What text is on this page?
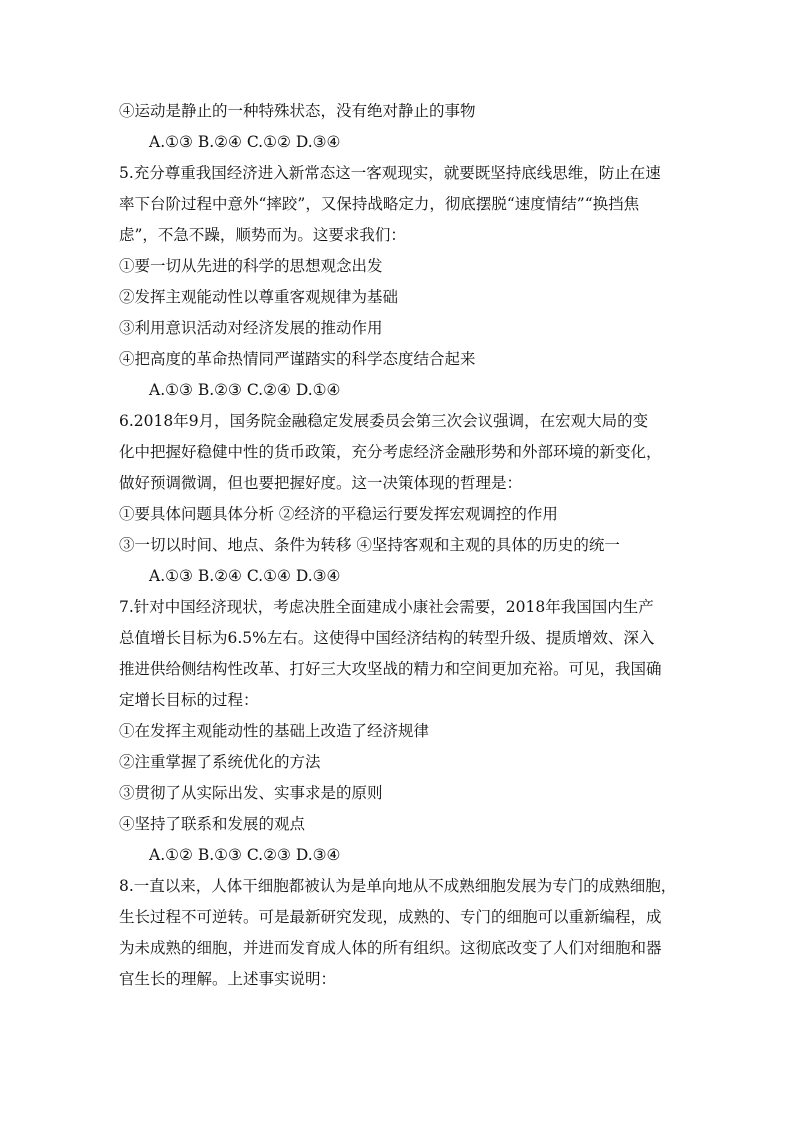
④运动是静止的一种特殊状态，没有绝对静止的事物
A.①③ B.②④ C.①② D.③④
5.充分尊重我国经济进入新常态这一客观现实，就要既坚持底线思维，防止在速
率下台阶过程中意外“摔跤”，又保持战略定力，彻底摆脱“速度情结”“换挡焦
虑”，不急不躁，顺势而为。这要求我们：
①要一切从先进的科学的思想观念出发
②发挥主观能动性以尊重客观规律为基础
③利用意识活动对经济发展的推动作用
④把高度的革命热情同严谨踏实的科学态度结合起来
A.①③ B.②③ C.②④ D.①④
6.2018年9月，国务院金融稳定发展委员会第三次会议强调，在宏观大局的变
化中把握好稳健中性的货币政策，充分考虑经济金融形势和外部环境的新变化，
做好预调微调，但也要把握好度。这一决策体现的哲理是：
①要具体问题具体分析 ②经济的平稳运行要发挥宏观调控的作用
③一切以时间、地点、条件为转移 ④坚持客观和主观的具体的历史的统一
A.①③ B.②④ C.①④ D.③④
7.针对中国经济现状，考虑决胜全面建成小康社会需要，2018年我国国内生产
总值增长目标为6.5%左右。这使得中国经济结构的转型升级、提质增效、深入
推进供给侧结构性改革、打好三大攻坚战的精力和空间更加充裕。可见，我国确
定增长目标的过程：
①在发挥主观能动性的基础上改造了经济规律
②注重掌握了系统优化的方法
③贯彻了从实际出发、实事求是的原则
④坚持了联系和发展的观点
A.①② B.①③ C.②③ D.③④
8.一直以来，人体干细胞都被认为是单向地从不成熟细胞发展为专门的成熟细胞，
生长过程不可逆转。可是最新研究发现，成熟的、专门的细胞可以重新编程，成
为未成熟的细胞，并进而发育成人体的所有组织。这彻底改变了人们对细胞和器
官生长的理解。上述事实说明：
